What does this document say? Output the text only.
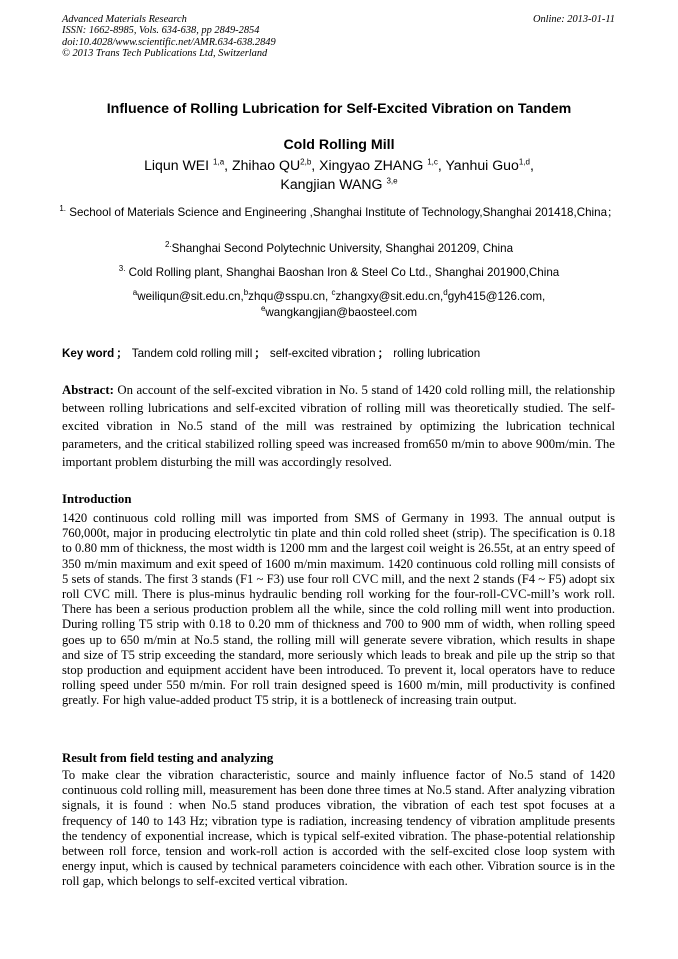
Advanced Materials Research
ISSN: 1662-8985, Vols. 634-638, pp 2849-2854
doi:10.4028/www.scientific.net/AMR.634-638.2849
© 2013 Trans Tech Publications Ltd, Switzerland
Online: 2013-01-11
Influence of Rolling Lubrication for Self-Excited Vibration on Tandem
Cold Rolling Mill
Liqun WEI $^{1,a}$, Zhihao QU$^{2,b}$, Xingyao ZHANG $^{1,c}$, Yanhui Guo$^{1,d}$,
Kangjian WANG $^{3,e}$
$^{1.}$ Sechool of Materials Science and Engineering ,Shanghai Institute of Technology,Shanghai 201418,China；
$^{2.}$Shanghai Second Polytechnic University, Shanghai 201209, China
$^{3.}$ Cold Rolling plant, Shanghai Baoshan Iron & Steel Co Ltd., Shanghai 201900,China
$^a$weiliqun@sit.edu.cn,$^b$zhqu@sspu.cn, $^c$zhangxy@sit.edu.cn,$^d$gyh415@126.com,
$^e$wangkangjian@baosteel.com
Key word ； Tandem cold rolling mill ； self-excited vibration ； rolling lubrication
Abstract: On account of the self-excited vibration in No. 5 stand of 1420 cold rolling mill, the relationship between rolling lubrications and self-excited vibration of rolling mill was theoretically studied. The self-excited vibration in No.5 stand of the mill was restrained by optimizing the lubrication technical parameters, and the critical stabilized rolling speed was increased from650 m/min to above 900m/min. The important problem disturbing the mill was accordingly resolved.
Introduction
1420 continuous cold rolling mill was imported from SMS of Germany in 1993. The annual output is 760,000t, major in producing electrolytic tin plate and thin cold rolled sheet (strip). The specification is 0.18 to 0.80 mm of thickness, the most width is 1200 mm and the largest coil weight is 26.55t, at an entry speed of 350 m/min maximum and exit speed of 1600 m/min maximum. 1420 continuous cold rolling mill consists of 5 sets of stands. The first 3 stands (F1 ~ F3) use four roll CVC mill, and the next 2 stands (F4 ~ F5) adopt six roll CVC mill. There is plus-minus hydraulic bending roll working for the four-roll-CVC-mill’s work roll. There has been a serious production problem all the while, since the cold rolling mill went into production. During rolling T5 strip with 0.18 to 0.20 mm of thickness and 700 to 900 mm of width, when rolling speed goes up to 650 m/min at No.5 stand, the rolling mill will generate severe vibration, which results in shape and size of T5 strip exceeding the standard, more seriously which leads to break and pile up the strip so that stop production and equipment accident have been introduced. To prevent it, local operators have to reduce rolling speed under 550 m/min. For roll train designed speed is 1600 m/min, mill productivity is confined greatly. For high value-added product T5 strip, it is a bottleneck of increasing train output.
Result from field testing and analyzing
To make clear the vibration characteristic, source and mainly influence factor of No.5 stand of 1420 continuous cold rolling mill, measurement has been done three times at No.5 stand. After analyzing vibration signals, it is found : when No.5 stand produces vibration, the vibration of each test spot focuses at a frequency of 140 to 143 Hz; vibration type is radiation, increasing tendency of vibration amplitude presents the tendency of exponential increase, which is typical self-exited vibration. The phase-potential relationship between roll force, tension and work-roll action is accorded with the self-excited close loop system with energy input, which is caused by technical parameters coincidence with each other. Vibration source is in the roll gap, which belongs to self-excited vertical vibration.
